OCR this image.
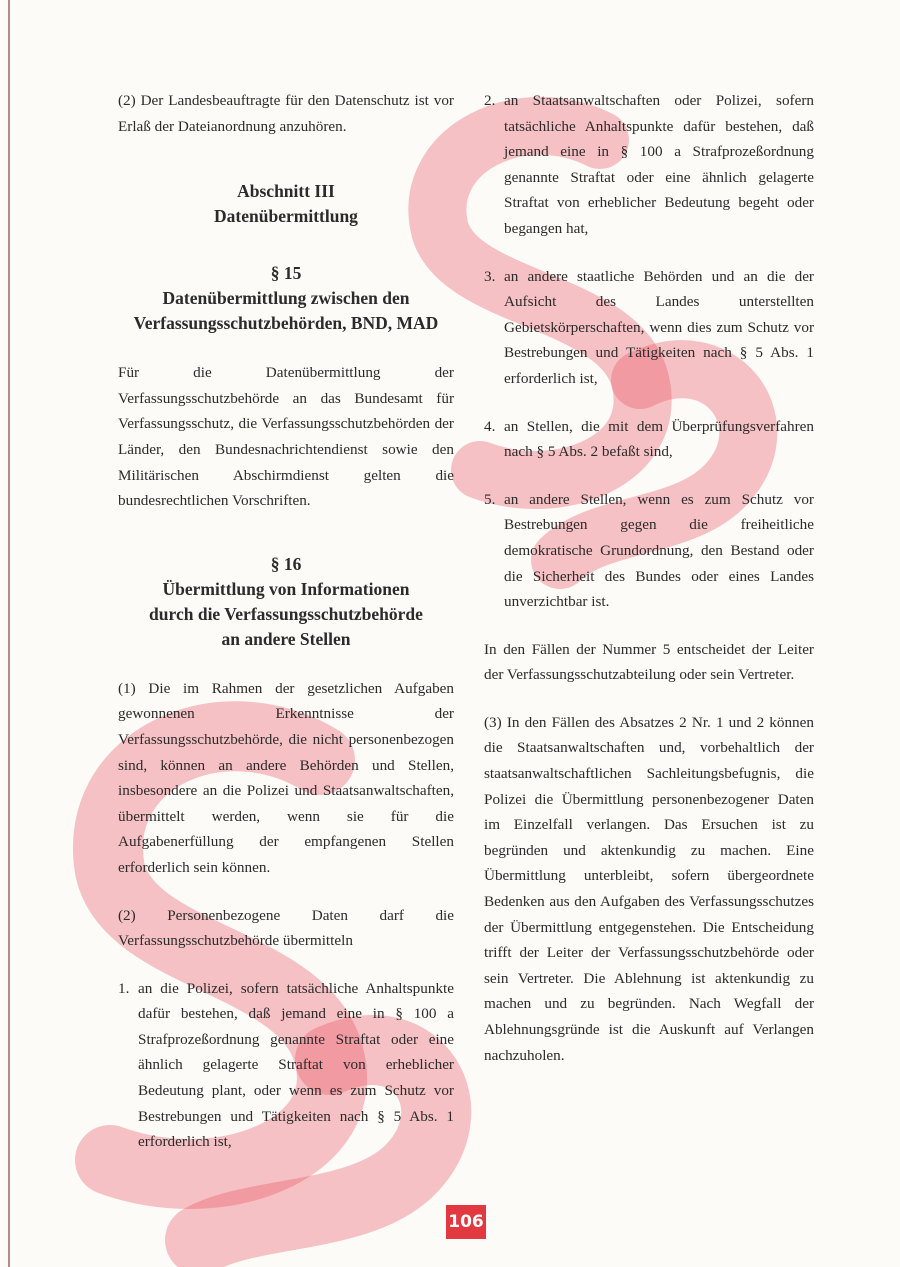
(2) Der Landesbeauftragte für den Datenschutz ist vor Erlaß der Dateianordnung anzuhören.

Abschnitt III
Datenübermittlung
§ 15
Datenübermittlung zwischen den Verfassungsschutzbehörden, BND, MAD

Für die Datenübermittlung der Verfassungsschutzbehörde an das Bundesamt für Verfassungsschutz, die Verfassungsschutzbehörden der Länder, den Bundesnachrichtendienst sowie den Militärischen Abschirmdienst gelten die bundesrechtlichen Vorschriften.

§ 16
Übermittlung von Informationen
durch die Verfassungsschutzbehörde
an andere Stellen

(1) Die im Rahmen der gesetzlichen Aufgaben gewonnenen Erkenntnisse der Verfassungsschutzbehörde, die nicht personenbezogen sind, können an andere Behörden und Stellen, insbesondere an die Polizei und Staatsanwaltschaften, übermittelt werden, wenn sie für die Aufgabenerfüllung der empfangenen Stellen erforderlich sein können.

(2) Personenbezogene Daten darf die Verfassungsschutzbehörde übermitteln

1. an die Polizei, sofern tatsächliche Anhaltspunkte dafür bestehen, daß jemand eine in § 100 a Strafprozeßordnung genannte Straftat oder eine ähnlich gelagerte Straftat von erheblicher Bedeutung plant, oder wenn es zum Schutz vor Bestrebungen und Tätigkeiten nach § 5 Abs. 1 erforderlich ist,
2. an Staatsanwaltschaften oder Polizei, sofern tatsächliche Anhaltspunkte dafür bestehen, daß jemand eine in § 100 a Strafprozeßordnung genannte Straftat oder eine ähnlich gelagerte Straftat von erheblicher Bedeutung begeht oder begangen hat,
3. an andere staatliche Behörden und an die der Aufsicht des Landes unterstellten Gebietskörperschaften, wenn dies zum Schutz vor Bestrebungen und Tätigkeiten nach § 5 Abs. 1 erforderlich ist,
4. an Stellen, die mit dem Überprüfungsverfahren nach § 5 Abs. 2 befaßt sind,
5. an andere Stellen, wenn es zum Schutz vor Bestrebungen gegen die freiheitliche demokratische Grundordnung, den Bestand oder die Sicherheit des Bundes oder eines Landes unverzichtbar ist.

In den Fällen der Nummer 5 entscheidet der Leiter der Verfassungsschutzabteilung oder sein Vertreter.

(3) In den Fällen des Absatzes 2 Nr. 1 und 2 können die Staatsanwaltschaften und, vorbehaltlich der staatsanwaltschaftlichen Sachleitungsbefugnis, die Polizei die Übermittlung personenbezogener Daten im Einzelfall verlangen. Das Ersuchen ist zu begründen und aktenkundig zu machen. Eine Übermittlung unterbleibt, sofern übergeordnete Bedenken aus den Aufgaben des Verfassungsschutzes der Übermittlung entgegenstehen. Die Entscheidung trifft der Leiter der Verfassungsschutzbehörde oder sein Vertreter. Die Ablehnung ist aktenkundig zu machen und zu begründen. Nach Wegfall der Ablehnungsgründe ist die Auskunft auf Verlangen nachzuholen.

106
